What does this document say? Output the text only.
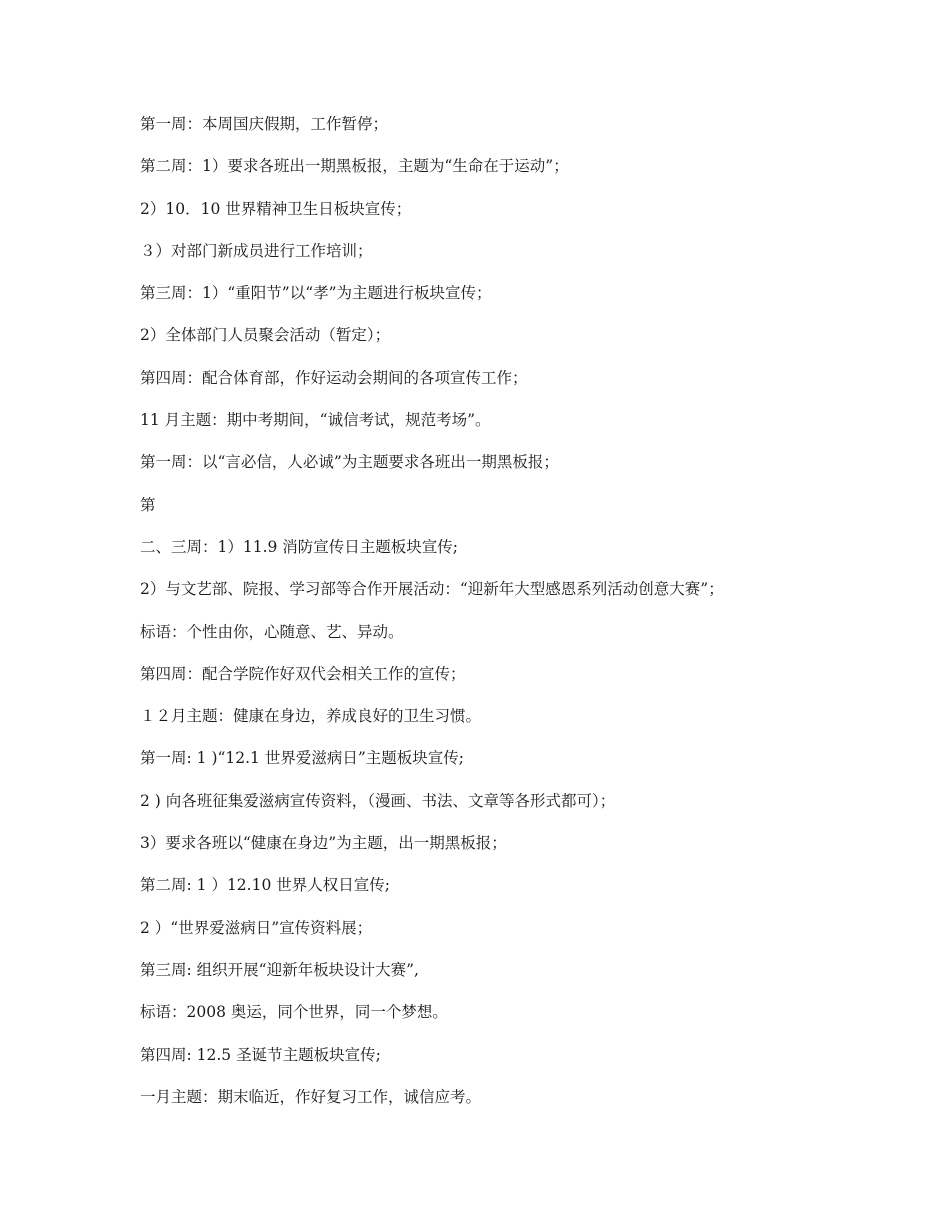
第一周：本周国庆假期，工作暂停；
第二周：1）要求各班出一期黑板报，主题为“生命在于运动”；
2）10．10 世界精神卫生日板块宣传；
３）对部门新成员进行工作培训；
第三周：1）“重阳节”以“孝”为主题进行板块宣传；
2）全体部门人员聚会活动（暂定）；
第四周：配合体育部，作好运动会期间的各项宣传工作；
11 月主题：期中考期间，“诚信考试，规范考场”。
第一周：以“言必信，人必诚”为主题要求各班出一期黑板报；
第
二、三周：1）11.9 消防宣传日主题板块宣传;
2）与文艺部、院报、学习部等合作开展活动：“迎新年大型感恩系列活动创意大赛”；
标语：个性由你，心随意、艺、异动。
第四周：配合学院作好双代会相关工作的宣传；
１２月主题：健康在身边，养成良好的卫生习惯。
第一周: 1 )“12.1 世界爱滋病日”主题板块宣传;
2 ) 向各班征集爱滋病宣传资料，（漫画、书法、文章等各形式都可）；
3）要求各班以“健康在身边”为主题，出一期黑板报；
第二周: 1 ）12.10 世界人权日宣传;
2 ）“世界爱滋病日”宣传资料展；
第三周: 组织开展“迎新年板块设计大赛”,
标语：2008 奥运，同个世界，同一个梦想。
第四周: 12.5 圣诞节主题板块宣传;
一月主题：期末临近，作好复习工作，诚信应考。
